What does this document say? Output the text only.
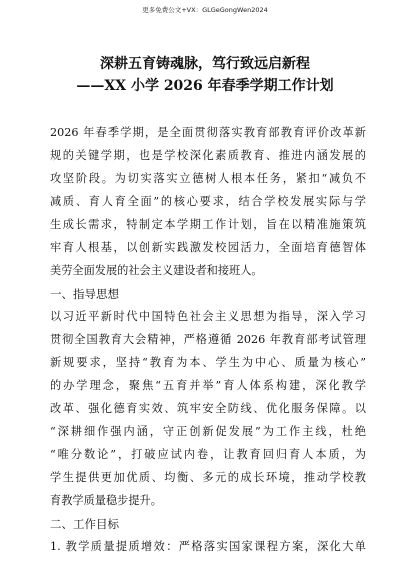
更多免费公文+VX：GLGeGongWen2024
深耕五育铸魂脉，笃行致远启新程
——XX 小学 2026 年春季学期工作计划
2026 年春季学期，是全面贯彻落实教育部教育评价改革新
规的关键学期，也是学校深化素质教育、推进内涵发展的
攻坚阶段。为切实落实立德树人根本任务，紧扣“减负不
减质、育人育全面”的核心要求，结合学校发展实际与学
生成长需求，特制定本学期工作计划，旨在以精准施策筑
牢育人根基，以创新实践激发校园活力，全面培育德智体
美劳全面发展的社会主义建设者和接班人。
一、指导思想
以习近平新时代中国特色社会主义思想为指导，深入学习
贯彻全国教育大会精神，严格遵循 2026 年教育部考试管理
新规要求，坚持“教育为本、学生为中心、质量为核心”
的办学理念，聚焦“五育并举”育人体系构建，深化教学
改革、强化德育实效、筑牢安全防线、优化服务保障。以
“深耕细作强内涵，守正创新促发展”为工作主线，杜绝
“唯分数论”，打破应试内卷，让教育回归育人本质，为
学生提供更加优质、均衡、多元的成长环境，推动学校教
育教学质量稳步提升。
二、工作目标
1. 教学质量提质增效：严格落实国家课程方案，深化大单
